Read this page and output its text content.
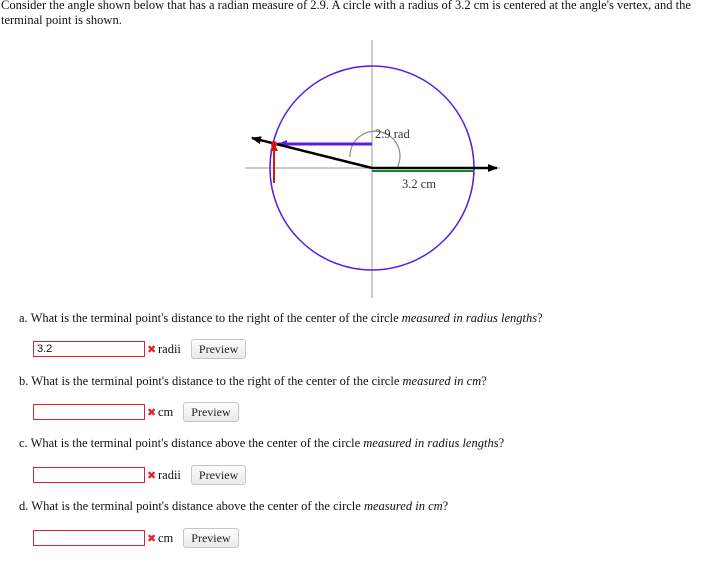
Consider the angle shown below that has a radian measure of 2.9. A circle with a radius of 3.2 cm is centered at the angle's vertex, and the terminal point is shown.

2.9 rad
3.2 cm

a. What is the terminal point's distance to the right of the center of the circle measured in radius lengths?

3.2
✖ radii	Preview

b. What is the terminal point's distance to the right of the center of the circle measured in cm?

✖ cm	Preview

c. What is the terminal point's distance above the center of the circle measured in radius lengths?

✖ radii	Preview

d. What is the terminal point's distance above the center of the circle measured in cm?

✖ cm	Preview
